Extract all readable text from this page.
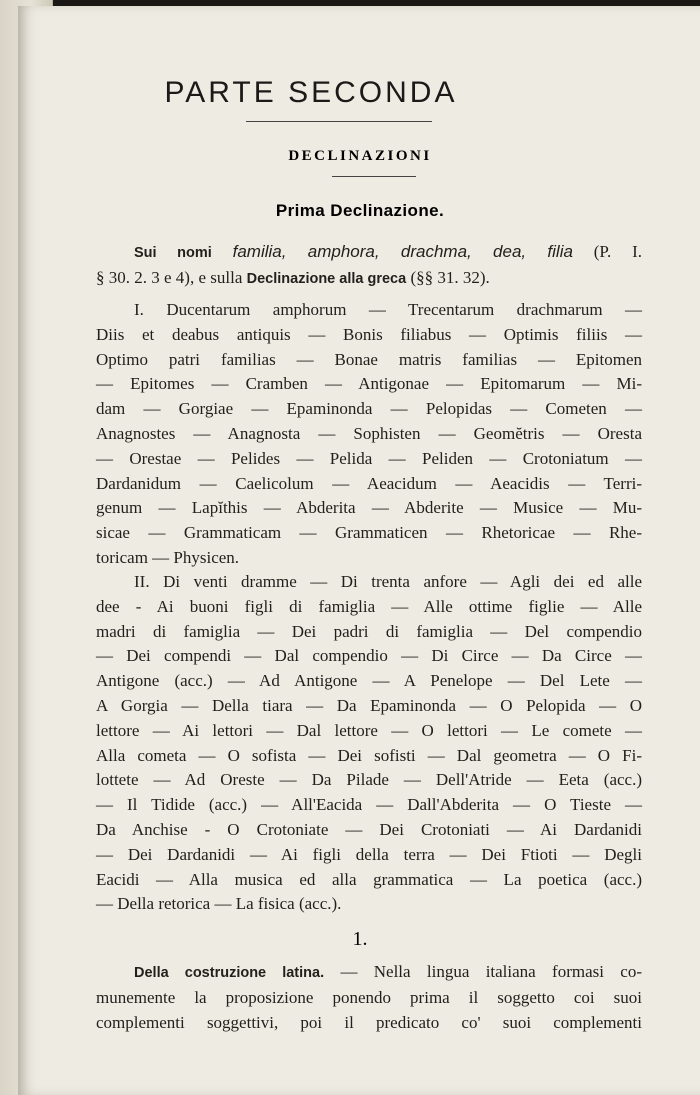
PARTE SECONDA
DECLINAZIONI
Prima Declinazione.
Sui nomi familia, amphora, drachma, dea, filia (P. I.
§ 30. 2. 3 e 4), e sulla Declinazione alla greca (§§ 31. 32).
I. Ducentarum amphorum — Trecentarum drachmarum —
Diis et deabus antiquis — Bonis filiabus — Optimis filiis —
Optimo patri familias — Bonae matris familias — Epitomen
— Epitomes — Cramben — Antigonae — Epitomarum — Mi-
dam — Gorgiae — Epaminonda — Pelopidas — Cometen —
Anagnostes — Anagnosta — Sophisten — Geomĕtris — Oresta
— Orestae — Pelides — Pelida — Peliden — Crotoniatum —
Dardanidum — Caelicolum — Aeacidum — Aeacidis — Terri-
genum — Lapĭthis — Abderita — Abderite — Musice — Mu-
sicae — Grammaticam — Grammaticen — Rhetoricae — Rhe-
toricam — Physicen.
II. Di venti dramme — Di trenta anfore — Agli dei ed alle
dee - Ai buoni figli di famiglia — Alle ottime figlie — Alle
madri di famiglia — Dei padri di famiglia — Del compendio
— Dei compendi — Dal compendio — Di Circe — Da Circe —
Antigone (acc.) — Ad Antigone — A Penelope — Del Lete —
A Gorgia — Della tiara — Da Epaminonda — O Pelopida — O
lettore — Ai lettori — Dal lettore — O lettori — Le comete —
Alla cometa — O sofista — Dei sofisti — Dal geometra — O Fi-
lottete — Ad Oreste — Da Pilade — Dell'Atride — Eeta (acc.)
— Il Tidide (acc.) — All'Eacida — Dall'Abderita — O Tieste —
Da Anchise - O Crotoniate — Dei Crotoniati — Ai Dardanidi
— Dei Dardanidi — Ai figli della terra — Dei Ftioti — Degli
Eacidi — Alla musica ed alla grammatica — La poetica (acc.)
— Della retorica — La fisica (acc.).
1.
Della costruzione latina. — Nella lingua italiana formasi co-
munemente la proposizione ponendo prima il soggetto coi suoi
complementi soggettivi, poi il predicato co' suoi complementi
